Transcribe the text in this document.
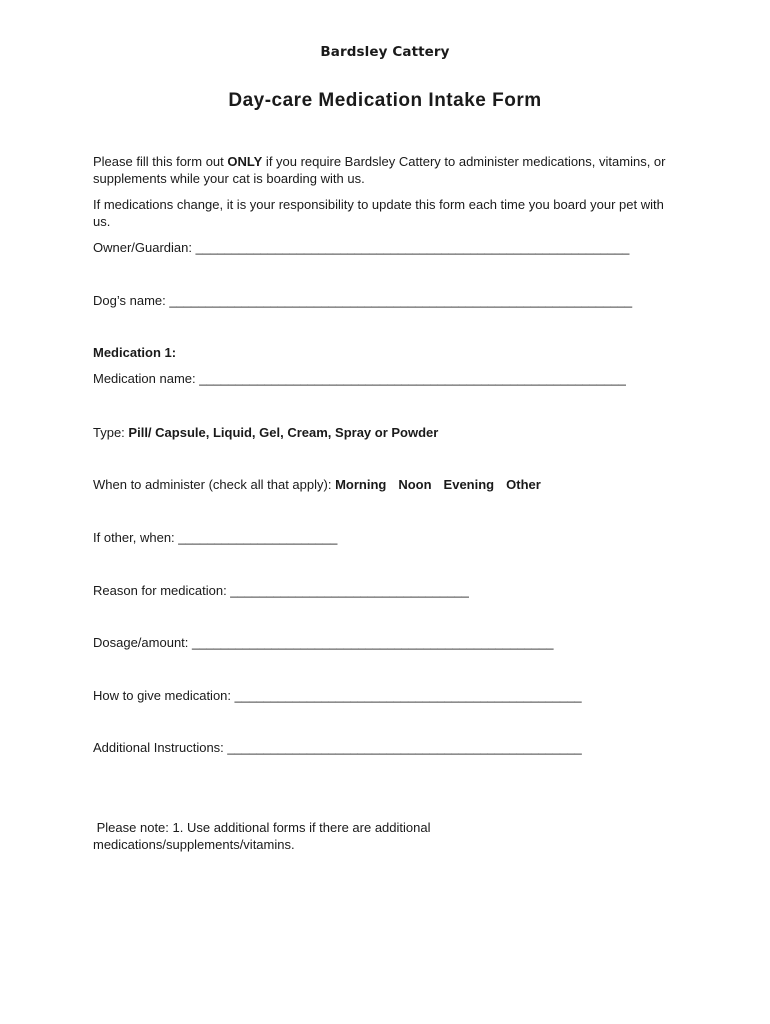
Bardsley Cattery
Day-care Medication Intake Form
Please fill this form out ONLY if you require Bardsley Cattery to administer medications, vitamins, or supplements while your cat is boarding with us.
If medications change, it is your responsibility to update this form each time you board your pet with us.
Owner/Guardian: ____________________________________________________________
Dog’s name: ________________________________________________________________
Medication 1:
Medication name: ___________________________________________________________
Type: Pill/ Capsule, Liquid, Gel, Cream, Spray or Powder
When to administer (check all that apply): Morning Noon Evening Other
If other, when: ______________________
Reason for medication: _________________________________
Dosage/amount: __________________________________________________
How to give medication: ________________________________________________
Additional Instructions: _________________________________________________
Please note: 1. Use additional forms if there are additional medications/supplements/vitamins.
